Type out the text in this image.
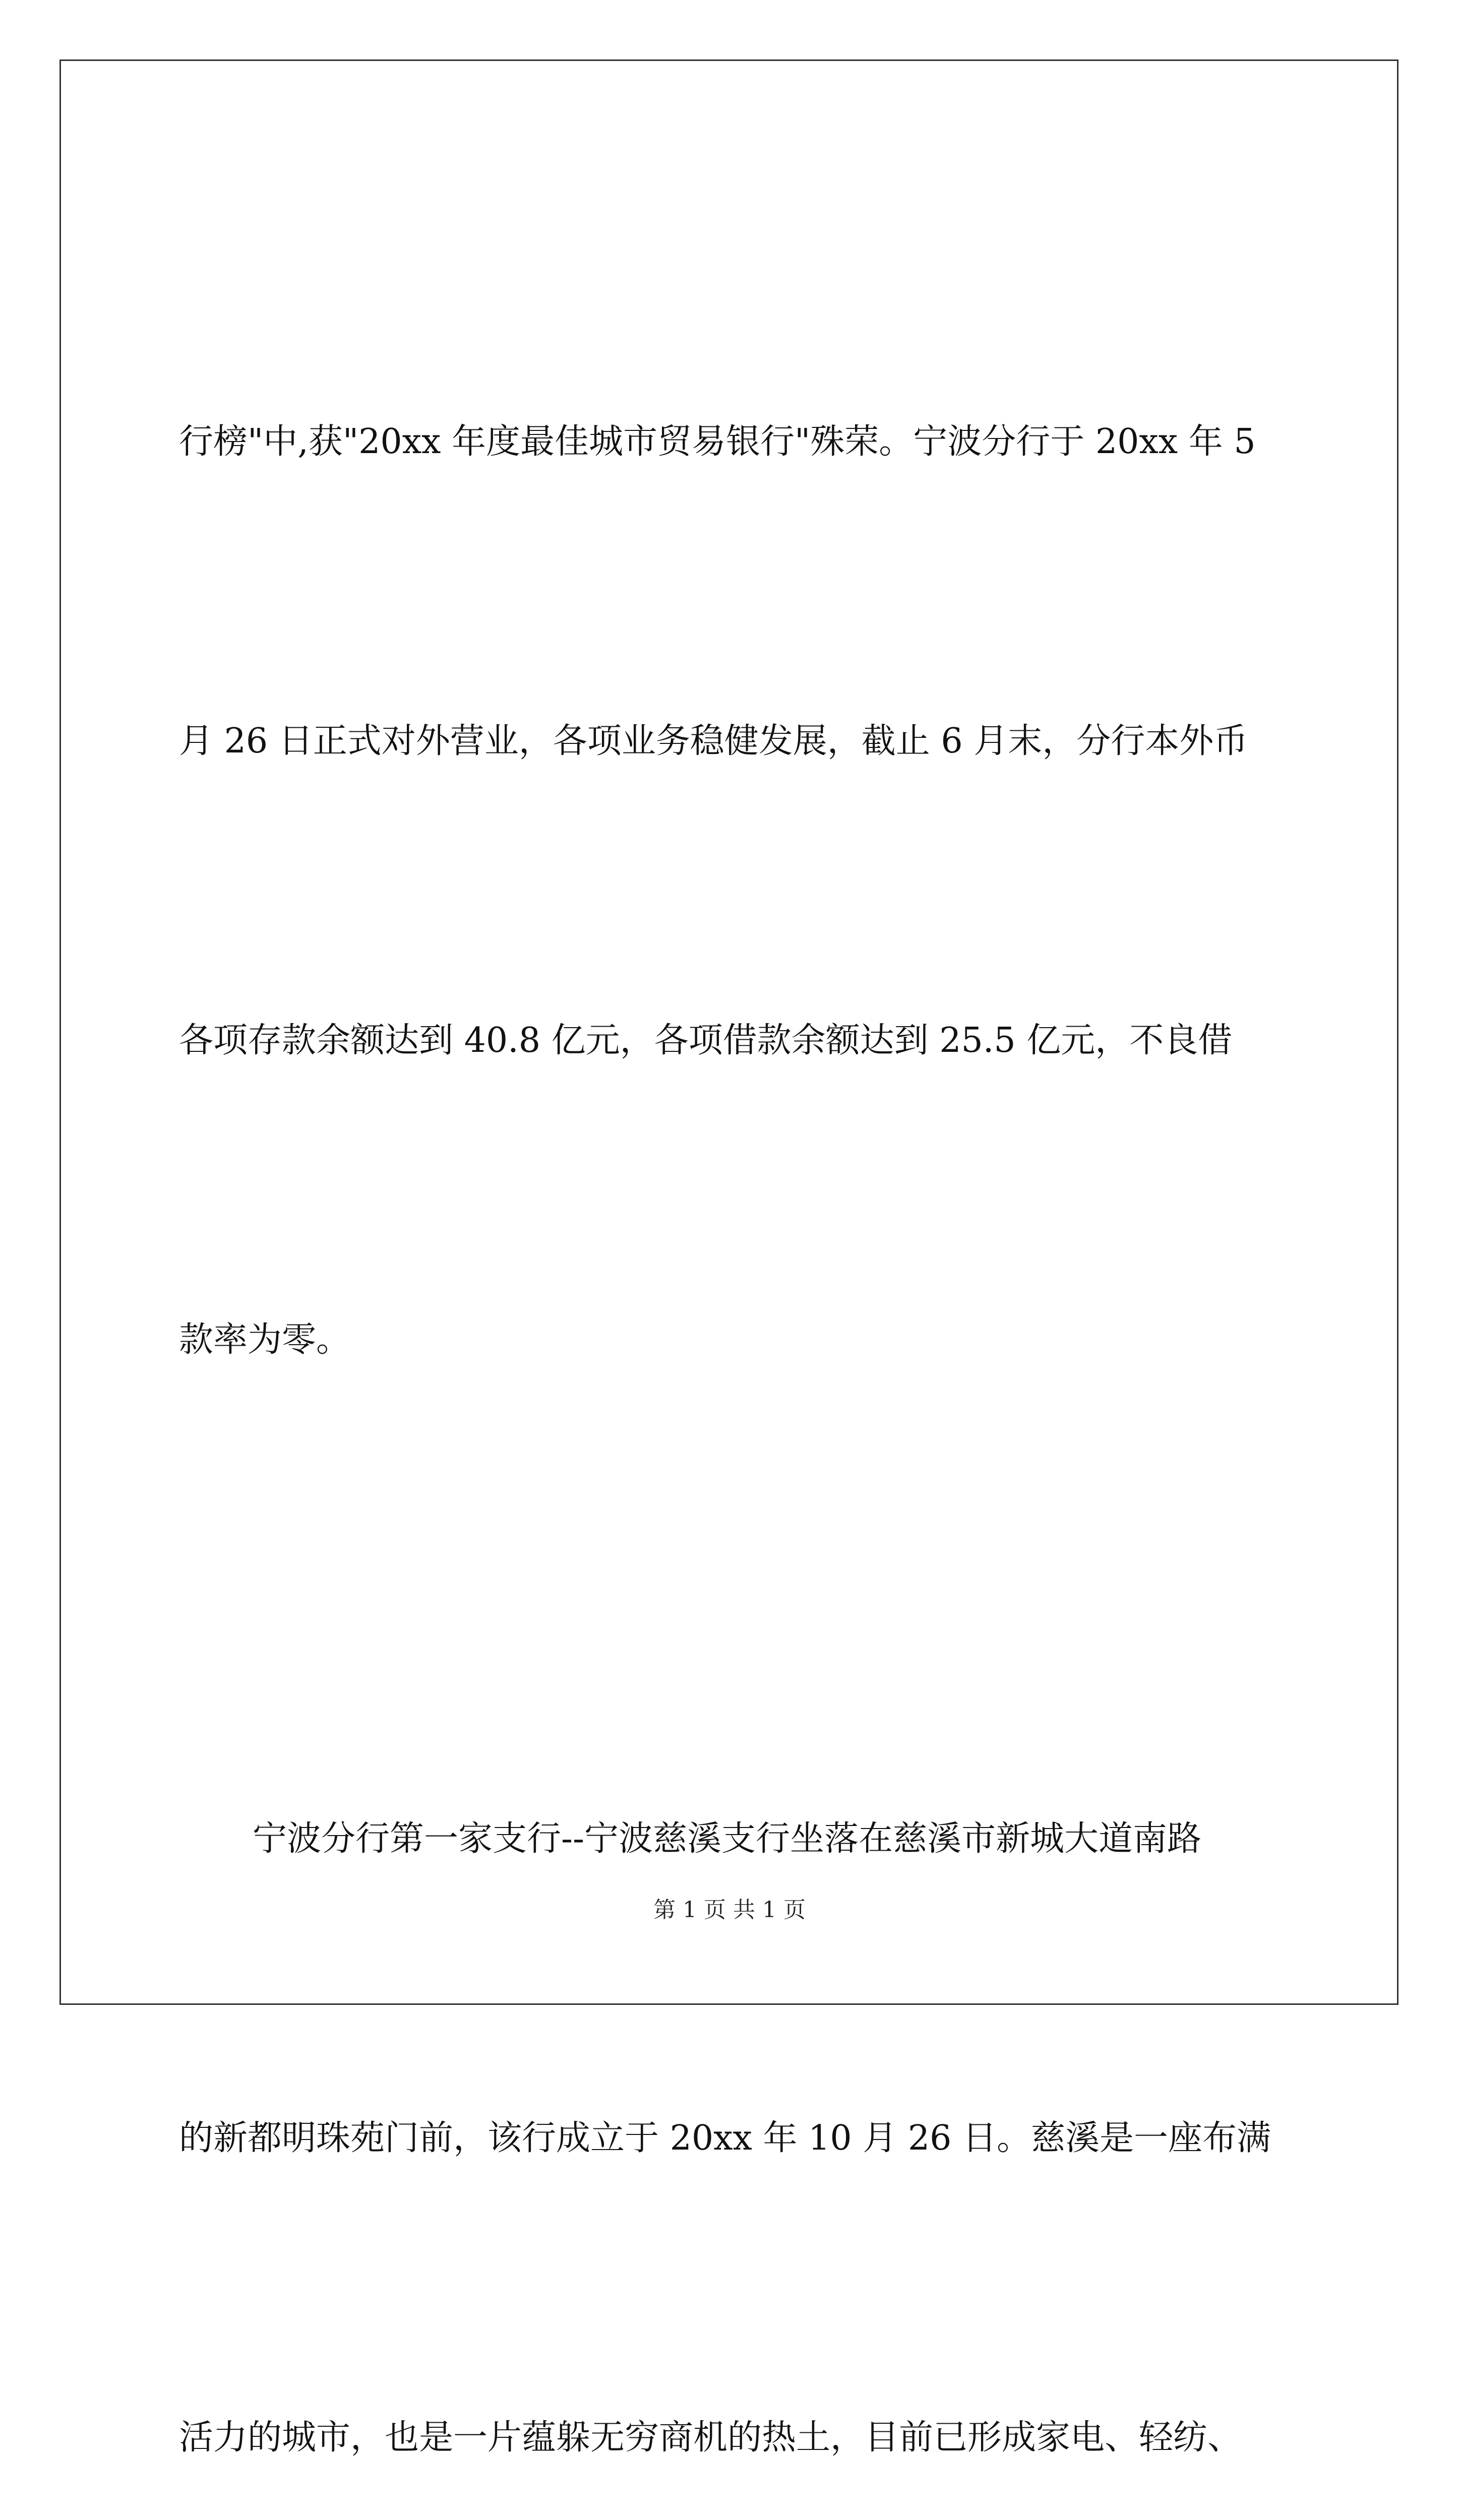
行榜"中,获"20xx 年度最佳城市贸易银行"殊荣。宁波分行于 20xx 年 5

月 26 日正式对外营业，各项业务稳健发展，截止 6 月末，分行本外币

各项存款余额达到 40.8 亿元，各项借款余额达到 25.5 亿元，不良借

款率为零。

宁波分行第一家支行--宁波慈溪支行坐落在慈溪市新城大道南路

的新都明珠苑门前，该行成立于 20xx 年 10 月 26 日。慈溪是一座布满

活力的城市，也是一片蕴躲无穷商机的热土，目前已形成家电、轻纺、

第 1 页 共 1 页
